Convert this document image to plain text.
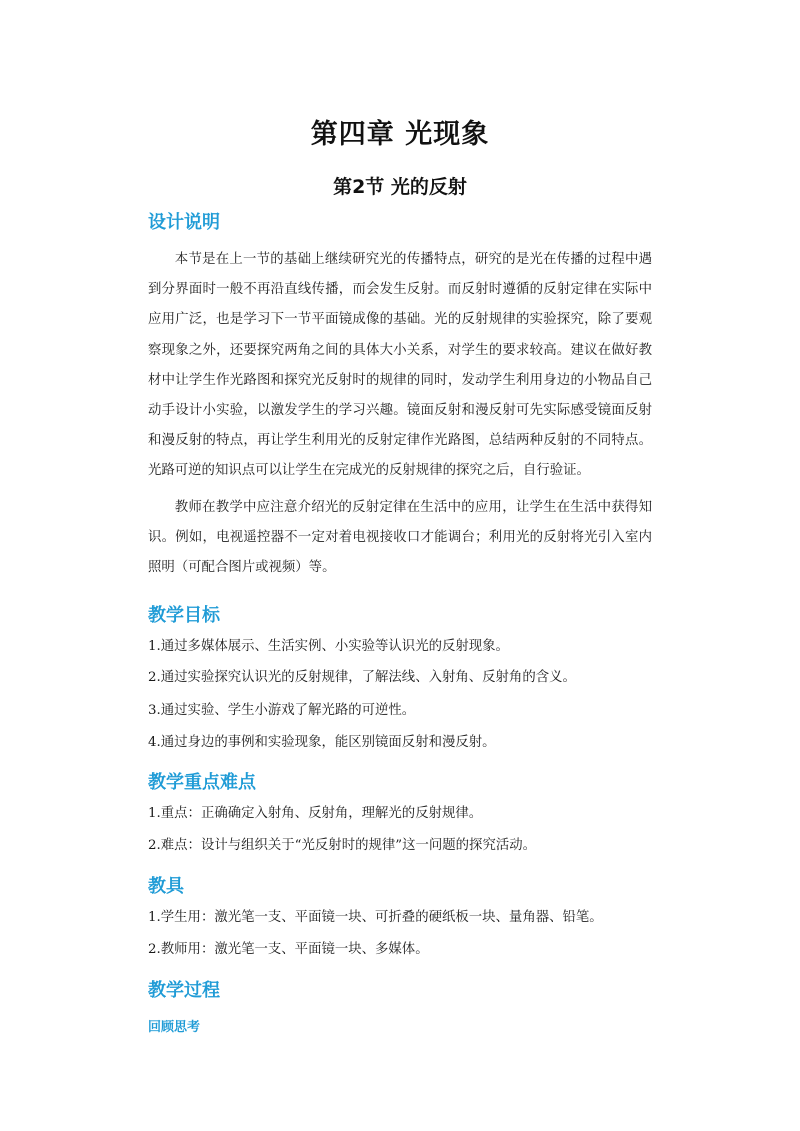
第四章 光现象
第2节 光的反射
设计说明

本节是在上一节的基础上继续研究光的传播特点，研究的是光在传播的过程中遇到分界面时一般不再沿直线传播，而会发生反射。而反射时遵循的反射定律在实际中应用广泛，也是学习下一节平面镜成像的基础。光的反射规律的实验探究，除了要观察现象之外，还要探究两角之间的具体大小关系，对学生的要求较高。建议在做好教材中让学生作光路图和探究光反射时的规律的同时，发动学生利用身边的小物品自己动手设计小实验，以激发学生的学习兴趣。镜面反射和漫反射可先实际感受镜面反射和漫反射的特点，再让学生利用光的反射定律作光路图，总结两种反射的不同特点。光路可逆的知识点可以让学生在完成光的反射规律的探究之后，自行验证。

教师在教学中应注意介绍光的反射定律在生活中的应用，让学生在生活中获得知识。例如，电视遥控器不一定对着电视接收口才能调台；利用光的反射将光引入室内照明（可配合图片或视频）等。

教学目标

1.通过多媒体展示、生活实例、小实验等认识光的反射现象。

2.通过实验探究认识光的反射规律，了解法线、入射角、反射角的含义。

3.通过实验、学生小游戏了解光路的可逆性。

4.通过身边的事例和实验现象，能区别镜面反射和漫反射。

教学重点难点

1.重点：正确确定入射角、反射角，理解光的反射规律。

2.难点：设计与组织关于“光反射时的规律”这一问题的探究活动。

教具

1.学生用：激光笔一支、平面镜一块、可折叠的硬纸板一块、量角器、铅笔。

2.教师用：激光笔一支、平面镜一块、多媒体。

教学过程
回顾思考
